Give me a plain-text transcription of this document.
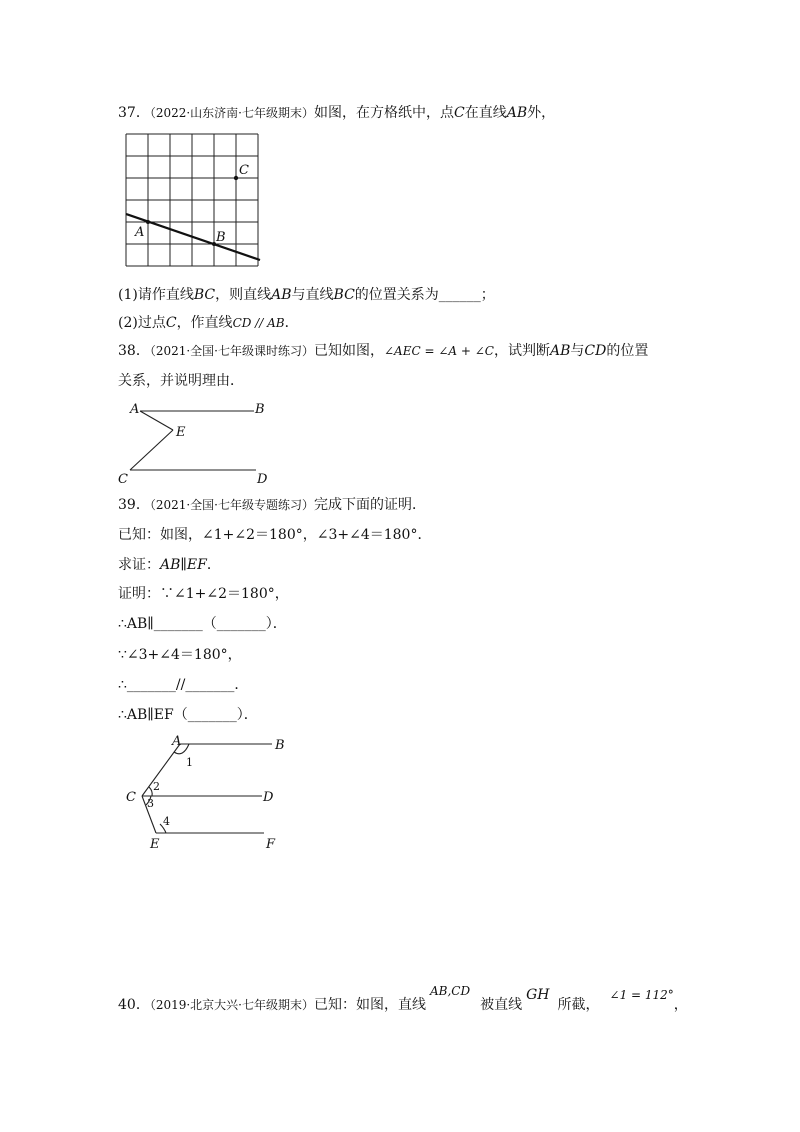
37．（2022·山东济南·七年级期末）如图，在方格纸中，点C在直线AB外，
A	B
C
(1)请作直线BC，则直线AB与直线BC的位置关系为______；
(2)过点C，作直线CD // AB．
38．（2021·全国·七年级课时练习）已知如图，∠AEC = ∠A + ∠C，试判断AB与CD的位置
关系，并说明理由．
A	B
E
C	D
39．（2021·全国·七年级专题练习）完成下面的证明．
已知：如图，∠1+∠2＝180°，∠3+∠4＝180°．
求证：AB∥EF．
证明：∵∠1+∠2＝180°，
∴AB∥_______（_______）．
∵∠3+∠4＝180°，
∴_______//_______．
∴AB∥EF（_______）．
A	B
C	D
E	F
1
2
3
4
40．（2019·北京大兴·七年级期末）已知：如图，直线AB,CD被直线GH所截，∠1 = 112°，
